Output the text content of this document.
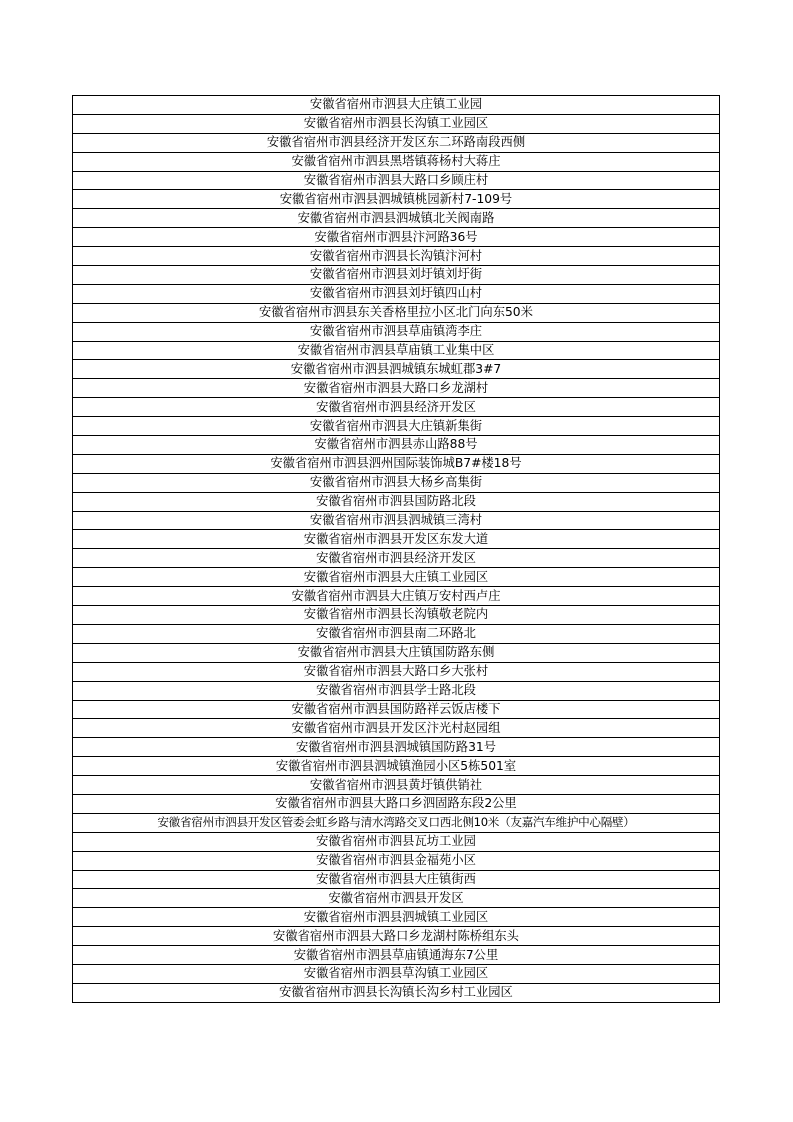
安徽省宿州市泗县大庄镇工业园
安徽省宿州市泗县长沟镇工业园区
安徽省宿州市泗县经济开发区东二环路南段西侧
安徽省宿州市泗县黑塔镇蒋杨村大蒋庄
安徽省宿州市泗县大路口乡顾庄村
安徽省宿州市泗县泗城镇桃园新村7-109号
安徽省宿州市泗县泗城镇北关阀南路
安徽省宿州市泗县汴河路36号
安徽省宿州市泗县长沟镇汴河村
安徽省宿州市泗县刘圩镇刘圩街
安徽省宿州市泗县刘圩镇四山村
安徽省宿州市泗县东关香格里拉小区北门向东50米
安徽省宿州市泗县草庙镇湾李庄
安徽省宿州市泗县草庙镇工业集中区
安徽省宿州市泗县泗城镇东城虹郡3#7
安徽省宿州市泗县大路口乡龙湖村
安徽省宿州市泗县经济开发区
安徽省宿州市泗县大庄镇新集街
安徽省宿州市泗县赤山路88号
安徽省宿州市泗县泗州国际装饰城B7#楼18号
安徽省宿州市泗县大杨乡高集街
安徽省宿州市泗县国防路北段
安徽省宿州市泗县泗城镇三湾村
安徽省宿州市泗县开发区东发大道
安徽省宿州市泗县经济开发区
安徽省宿州市泗县大庄镇工业园区
安徽省宿州市泗县大庄镇万安村西卢庄
安徽省宿州市泗县长沟镇敬老院内
安徽省宿州市泗县南二环路北
安徽省宿州市泗县大庄镇国防路东侧
安徽省宿州市泗县大路口乡大张村
安徽省宿州市泗县学士路北段
安徽省宿州市泗县国防路祥云饭店楼下
安徽省宿州市泗县开发区汴光村赵园组
安徽省宿州市泗县泗城镇国防路31号
安徽省宿州市泗县泗城镇渔园小区5栋501室
安徽省宿州市泗县黄圩镇供销社
安徽省宿州市泗县大路口乡泗固路东段2公里
安徽省宿州市泗县开发区管委会虹乡路与清水湾路交叉口西北侧10米（友嘉汽车维护中心隔壁）
安徽省宿州市泗县瓦坊工业园
安徽省宿州市泗县金福苑小区
安徽省宿州市泗县大庄镇街西
安徽省宿州市泗县开发区
安徽省宿州市泗县泗城镇工业园区
安徽省宿州市泗县大路口乡龙湖村陈桥组东头
安徽省宿州市泗县草庙镇通海东7公里
安徽省宿州市泗县草沟镇工业园区
安徽省宿州市泗县长沟镇长沟乡村工业园区
